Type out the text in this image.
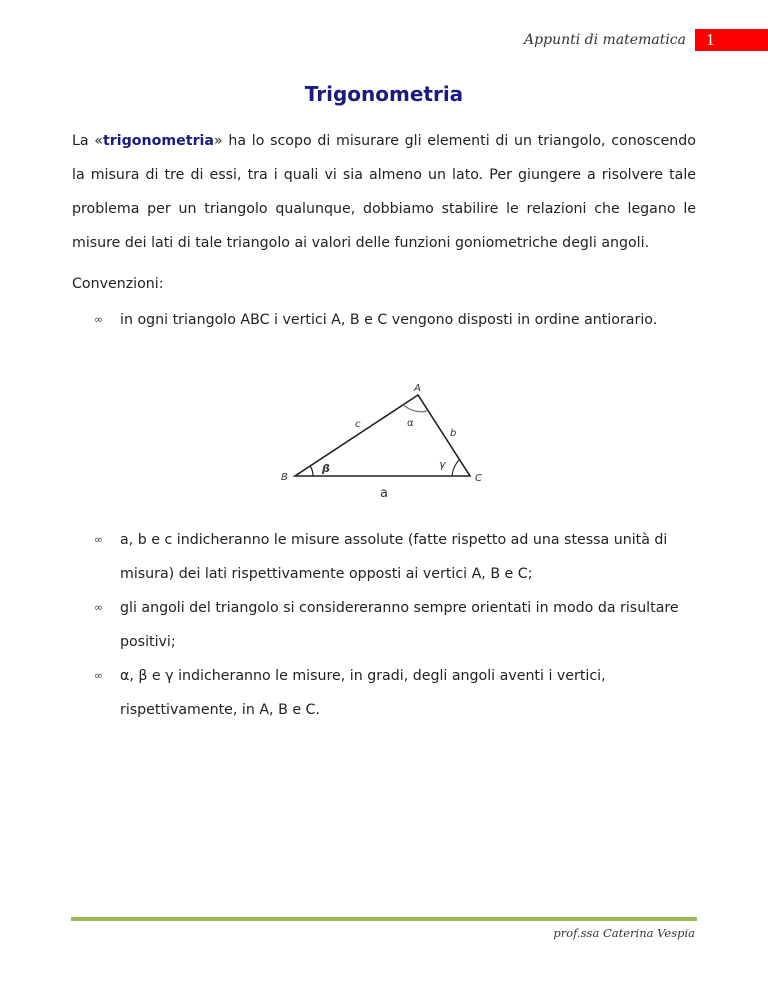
Appunti di matematica	1
Trigonometria

La «trigonometria» ha lo scopo di misurare gli elementi di un triangolo, conoscendo la misura di tre di essi, tra i quali vi sia almeno un lato. Per giungere a risolvere tale problema per un triangolo qualunque, dobbiamo stabilire le relazioni che legano le misure dei lati di tale triangolo ai valori delle funzioni goniometriche degli angoli.

Convenzioni:

∞ in ogni triangolo ABC i vertici A, B e C vengono disposti in ordine antiorario.
A
B	C
c
b
a
α
β	γ
∞ a, b e c indicheranno le misure assolute (fatte rispetto ad una stessa unità di misura) dei lati rispettivamente opposti ai vertici A, B e C;
∞ gli angoli del triangolo si considereranno sempre orientati in modo da risultare positivi;
∞ α, β e γ indicheranno le misure, in gradi, degli angoli aventi i vertici, rispettivamente, in A, B e C.
prof.ssa Caterina Vespia
